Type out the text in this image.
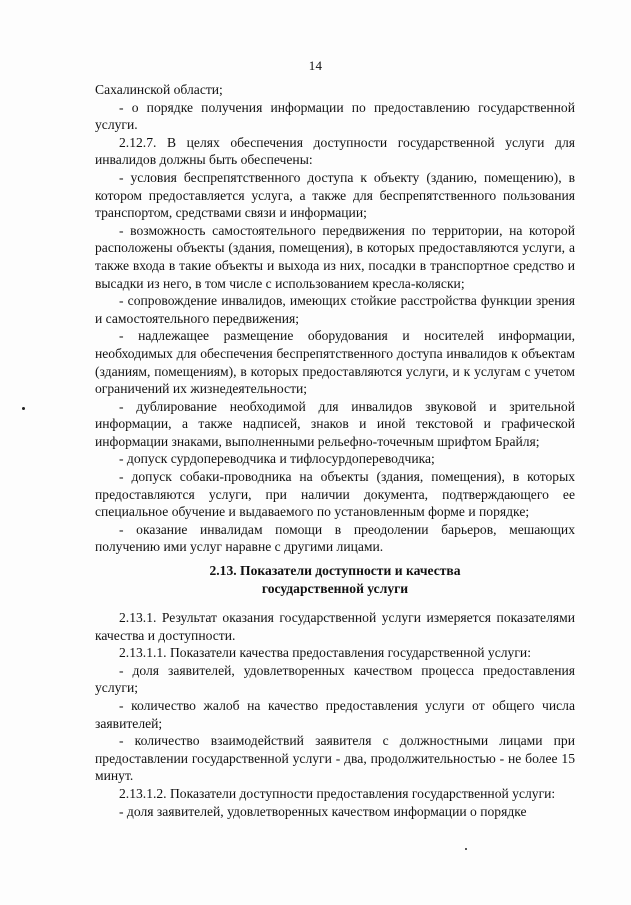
14

Сахалинской области;

- о порядке получения информации по предоставлению государственной услуги.

2.12.7. В целях обеспечения доступности государственной услуги для инвалидов должны быть обеспечены:

- условия беспрепятственного доступа к объекту (зданию, помещению), в котором предоставляется услуга, а также для беспрепятственного пользования транспортом, средствами связи и информации;

- возможность самостоятельного передвижения по территории, на которой расположены объекты (здания, помещения), в которых предоставляются услуги, а также входа в такие объекты и выхода из них, посадки в транспортное средство и высадки из него, в том числе с использованием кресла-коляски;

- сопровождение инвалидов, имеющих стойкие расстройства функции зрения и самостоятельного передвижения;

- надлежащее размещение оборудования и носителей информации, необходимых для обеспечения беспрепятственного доступа инвалидов к объектам (зданиям, помещениям), в которых предоставляются услуги, и к услугам с учетом ограничений их жизнедеятельности;

- дублирование необходимой для инвалидов звуковой и зрительной информации, а также надписей, знаков и иной текстовой и графической информации знаками, выполненными рельефно-точечным шрифтом Брайля;

- допуск сурдопереводчика и тифлосурдопереводчика;

- допуск собаки-проводника на объекты (здания, помещения), в которых предоставляются услуги, при наличии документа, подтверждающего ее специальное обучение и выдаваемого по установленным форме и порядке;

- оказание инвалидам помощи в преодолении барьеров, мешающих получению ими услуг наравне с другими лицами.

2.13. Показатели доступности и качества
государственной услуги

2.13.1. Результат оказания государственной услуги измеряется показателями качества и доступности.

2.13.1.1. Показатели качества предоставления государственной услуги:

- доля заявителей, удовлетворенных качеством процесса предоставления услуги;

- количество жалоб на качество предоставления услуги от общего числа заявителей;

- количество взаимодействий заявителя с должностными лицами при предоставлении государственной услуги - два, продолжительностью - не более 15 минут.

2.13.1.2. Показатели доступности предоставления государственной услуги:

- доля заявителей, удовлетворенных качеством информации о порядке
